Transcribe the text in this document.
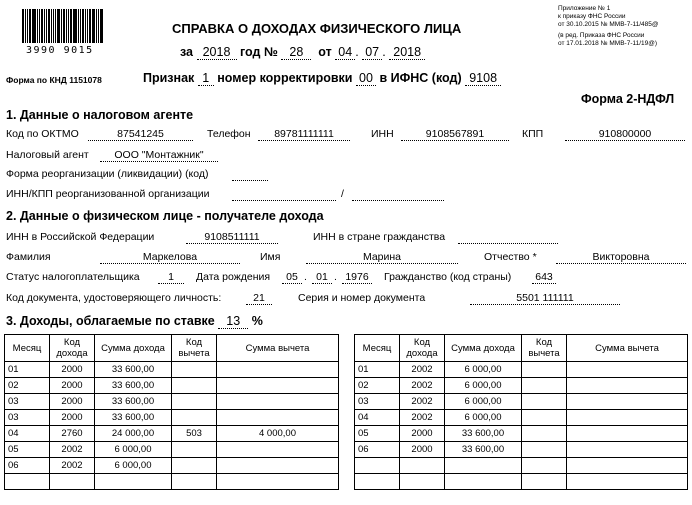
3990 9015
СПРАВКА О ДОХОДАХ ФИЗИЧЕСКОГО ЛИЦА
за 2018 год № 28 от 04 . 07 . 2018
Приложение № 1
к приказу ФНС России
от 30.10.2015 № ММВ-7-11/485@
(в ред. Приказа ФНС России
от 17.01.2018 № ММВ-7-11/19@)
Форма по КНД 1151078	Признак 1 номер корректировки 00 в ИФНС (код) 9108
Форма 2-НДФЛ
1. Данные о налоговом агенте
Код по ОКТМО	87541245	Телефон	89781111111	ИНН	9108567891	КПП	910800000
Налоговый агент	ООО "Монтажник"
Форма реорганизации (ликвидации) (код)
ИНН/КПП реорганизованной организации	/
2. Данные о физическом лице - получателе дохода
ИНН в Российской Федерации	9108511111	ИНН в стране гражданства
Фамилия	Маркелова	Имя	Марина	Отчество *	Викторовна
Статус налогоплательщика	1	Дата рождения	05 . 01 . 1976	Гражданство (код страны)	643
Код документа, удостоверяющего личность:	21	Серия и номер документа	5501 111111
3. Доходы, облагаемые по ставке 13 %
Месяц	Код дохода	Сумма дохода	Код вычета	Сумма вычета
01	2000	33 600,00		
02	2000	33 600,00		
03	2000	33 600,00		
03	2000	33 600,00		
04	2760	24 000,00	503	4 000,00
05	2002	6 000,00		
06	2002	6 000,00		

Месяц	Код дохода	Сумма дохода	Код вычета	Сумма вычета
01	2002	6 000,00		
02	2002	6 000,00		
03	2002	6 000,00		
04	2002	6 000,00		
05	2000	33 600,00		
06	2000	33 600,00		
